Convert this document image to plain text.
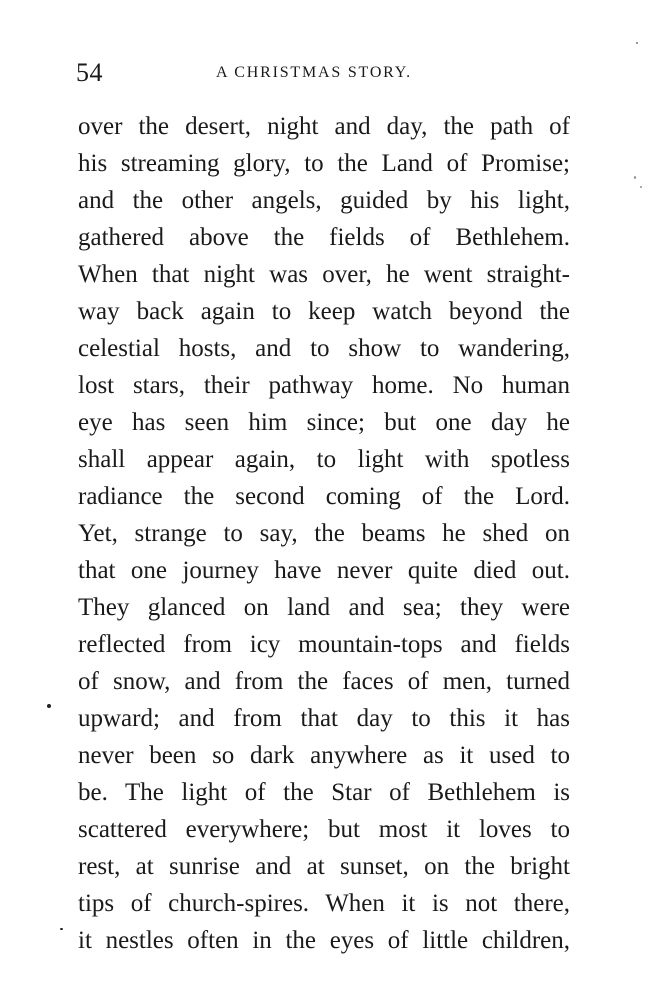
54	A CHRISTMAS STORY.
over the desert, night and day, the path of
his streaming glory, to the Land of Promise;
and the other angels, guided by his light,
gathered above the fields of Bethlehem.
When that night was over, he went straight-
way back again to keep watch beyond the
celestial hosts, and to show to wandering,
lost stars, their pathway home. No human
eye has seen him since; but one day he
shall appear again, to light with spotless
radiance the second coming of the Lord.
Yet, strange to say, the beams he shed on
that one journey have never quite died out.
They glanced on land and sea; they were
reflected from icy mountain-tops and fields
of snow, and from the faces of men, turned
upward; and from that day to this it has
never been so dark anywhere as it used to
be. The light of the Star of Bethlehem is
scattered everywhere; but most it loves to
rest, at sunrise and at sunset, on the bright
tips of church-spires. When it is not there,
it nestles often in the eyes of little children,
